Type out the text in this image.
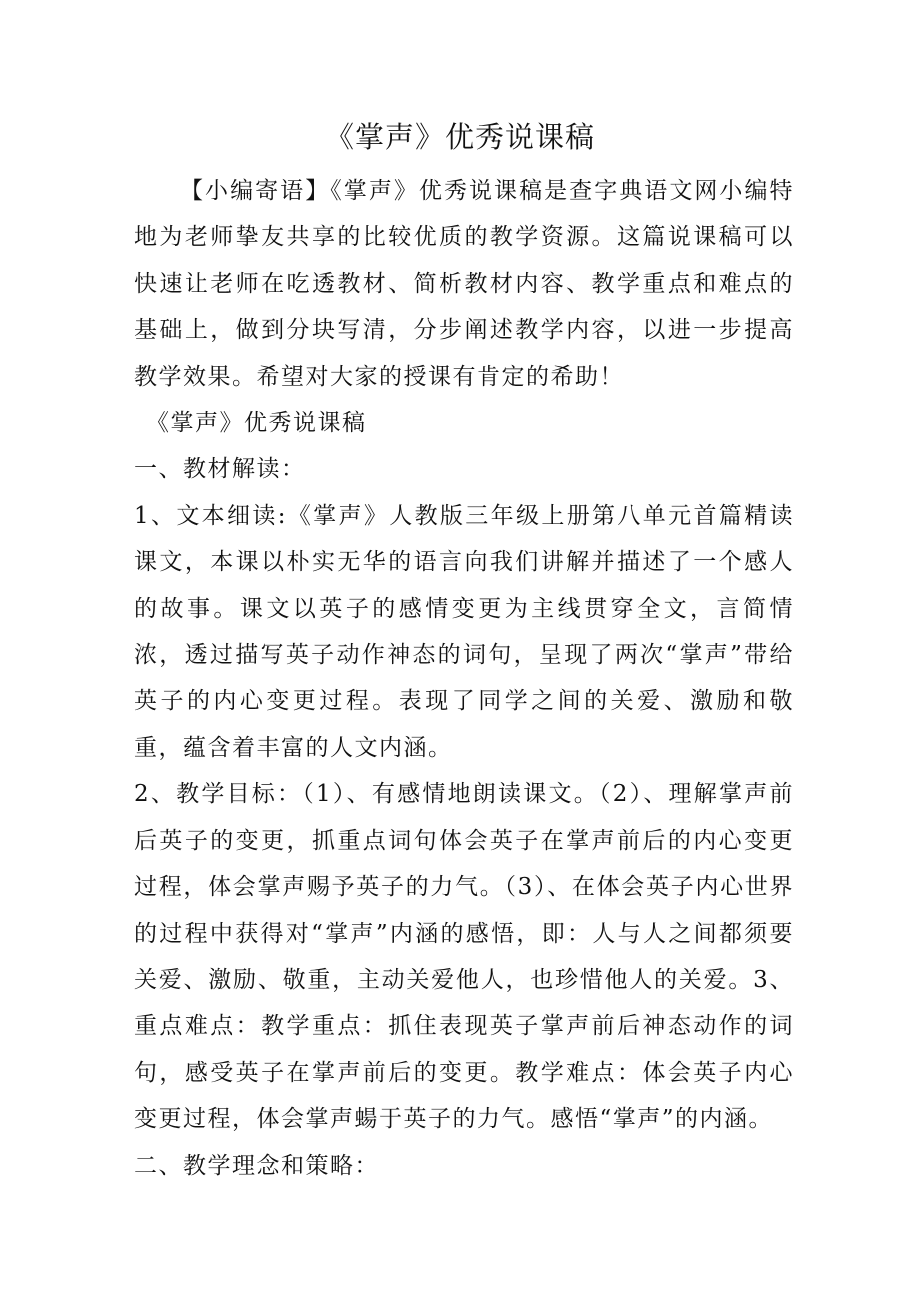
《掌声》优秀说课稿

【小编寄语】《掌声》优秀说课稿是查字典语文网小编特地为老师挚友共享的比较优质的教学资源。这篇说课稿可以快速让老师在吃透教材、简析教材内容、教学重点和难点的基础上，做到分块写清，分步阐述教学内容，以进一步提高教学效果。希望对大家的授课有肯定的希助！

《掌声》优秀说课稿

一、教材解读：

1、文本细读:《掌声》人教版三年级上册第八单元首篇精读课文，本课以朴实无华的语言向我们讲解并描述了一个感人的故事。课文以英子的感情变更为主线贯穿全文，言简情浓，透过描写英子动作神态的词句，呈现了两次“掌声”带给英子的内心变更过程。表现了同学之间的关爱、激励和敬重，蕴含着丰富的人文内涵。

2、教学目标：（1）、有感情地朗读课文。（2）、理解掌声前后英子的变更，抓重点词句体会英子在掌声前后的内心变更过程，体会掌声赐予英子的力气。（3）、在体会英子内心世界的过程中获得对“掌声”内涵的感悟，即：人与人之间都须要关爱、激励、敬重，主动关爱他人，也珍惜他人的关爱。3、重点难点：教学重点：抓住表现英子掌声前后神态动作的词句，感受英子在掌声前后的变更。教学难点：体会英子内心变更过程，体会掌声蝪于英子的力气。感悟“掌声”的内涵。

二、教学理念和策略：
